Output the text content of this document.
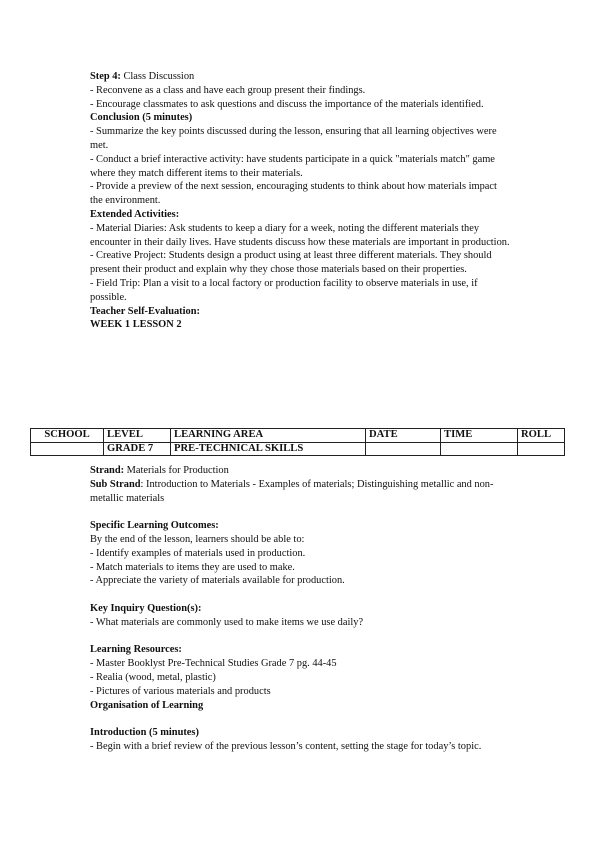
Step 4: Class Discussion

- Reconvene as a class and have each group present their findings.

- Encourage classmates to ask questions and discuss the importance of the materials identified.

Conclusion (5 minutes)

- Summarize the key points discussed during the lesson, ensuring that all learning objectives were met.

- Conduct a brief interactive activity: have students participate in a quick "materials match" game where they match different items to their materials.

- Provide a preview of the next session, encouraging students to think about how materials impact the environment.

Extended Activities:

- Material Diaries: Ask students to keep a diary for a week, noting the different materials they encounter in their daily lives. Have students discuss how these materials are important in production.

- Creative Project: Students design a product using at least three different materials. They should present their product and explain why they chose those materials based on their properties.

- Field Trip: Plan a visit to a local factory or production facility to observe materials in use, if possible.

Teacher Self-Evaluation:

WEEK 1 LESSON 2

SCHOOL	LEVEL	LEARNING AREA	DATE	TIME	ROLL
	GRADE 7	PRE-TECHNICAL SKILLS			

Strand: Materials for Production

Sub Strand: Introduction to Materials - Examples of materials; Distinguishing metallic and non-metallic materials

Specific Learning Outcomes:

By the end of the lesson, learners should be able to:

- Identify examples of materials used in production.

- Match materials to items they are used to make.

- Appreciate the variety of materials available for production.

Key Inquiry Question(s):

- What materials are commonly used to make items we use daily?

Learning Resources:

- Master Booklyst Pre-Technical Studies Grade 7 pg. 44-45

- Realia (wood, metal, plastic)

- Pictures of various materials and products

Organisation of Learning

Introduction (5 minutes)

- Begin with a brief review of the previous lesson’s content, setting the stage for today’s topic.
